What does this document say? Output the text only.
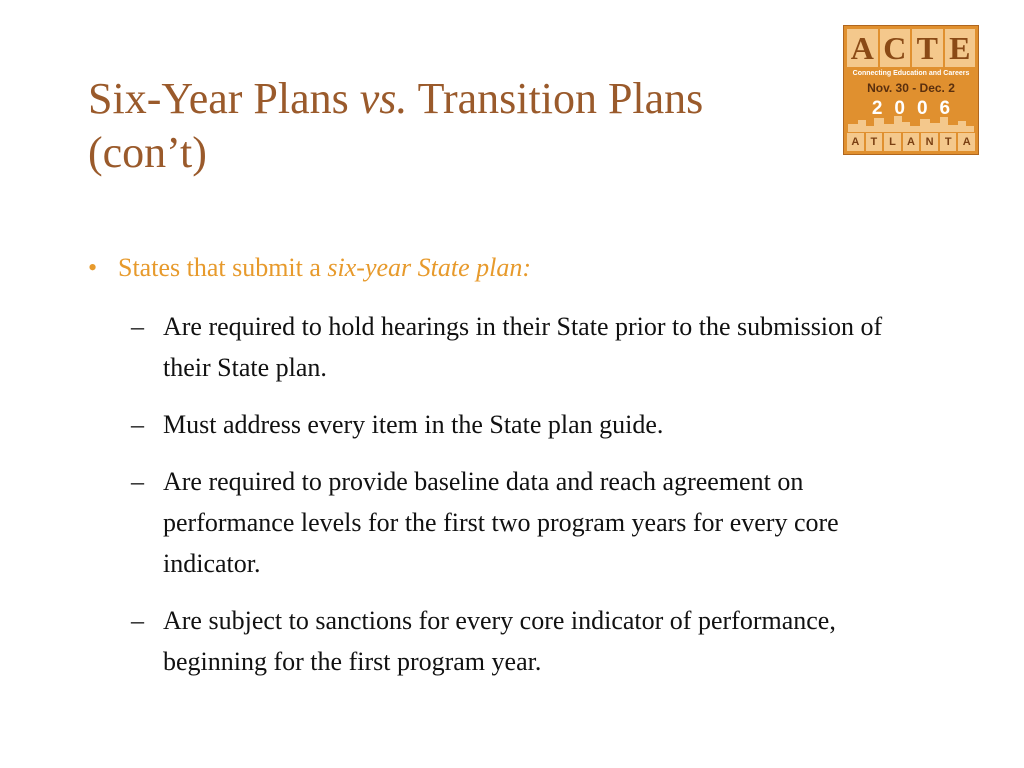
Six-Year Plans vs. Transition Plans (con’t)
A C T E
Connecting Education and Careers
Nov. 30 - Dec. 2
2006
A	T	L	A N	T	A
• States that submit a six-year State plan:
– Are required to hold hearings in their State prior to the submission of their State plan.
– Must address every item in the State plan guide.
– Are required to provide baseline data and reach agreement on performance levels for the first two program years for every core indicator.
– Are subject to sanctions for every core indicator of performance, beginning for the first program year.
